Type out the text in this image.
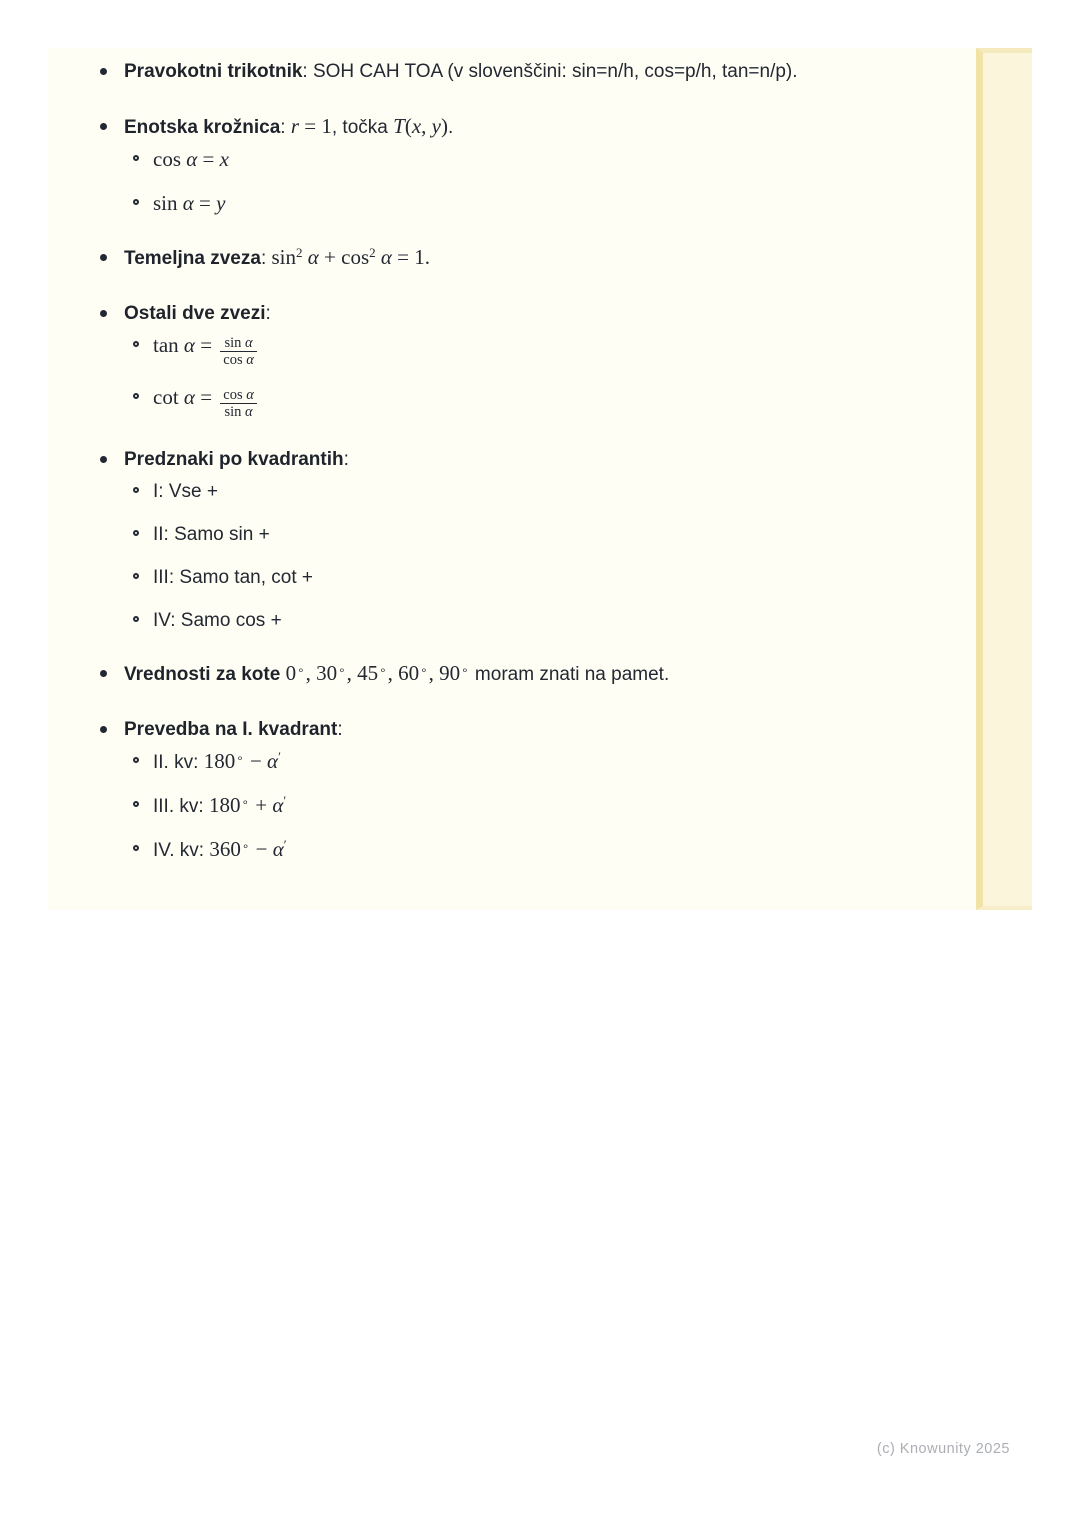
Pravokotni trikotnik: SOH CAH TOA (v slovenščini: sin=n/h, cos=p/h, tan=n/p).
Enotska krožnica: r = 1, točka T(x, y).
cos α = x
sin α = y
Temeljna zveza: $\sin^2 \alpha + \cos^2 \alpha = 1$.
Ostali dve zvezi:
$\tan \alpha = \frac{\text{sin α}}{\text{cos α}}$
$\cot \alpha = \frac{\text{cos α}}{\text{sin α}}$
Predznaki po kvadrantih:
I: Vse +
II: Samo sin +
III: Samo tan, cot +
IV: Samo cos +
Vrednosti za kote 0∘, 30∘, 45∘, 60∘, 90∘ moram znati na pamet.
Prevedba na I. kvadrant:
II. kv: 180∘ − α′
III. kv: 180∘ + α′
IV. kv: 360∘ − α′
(c) Knowunity 2025
